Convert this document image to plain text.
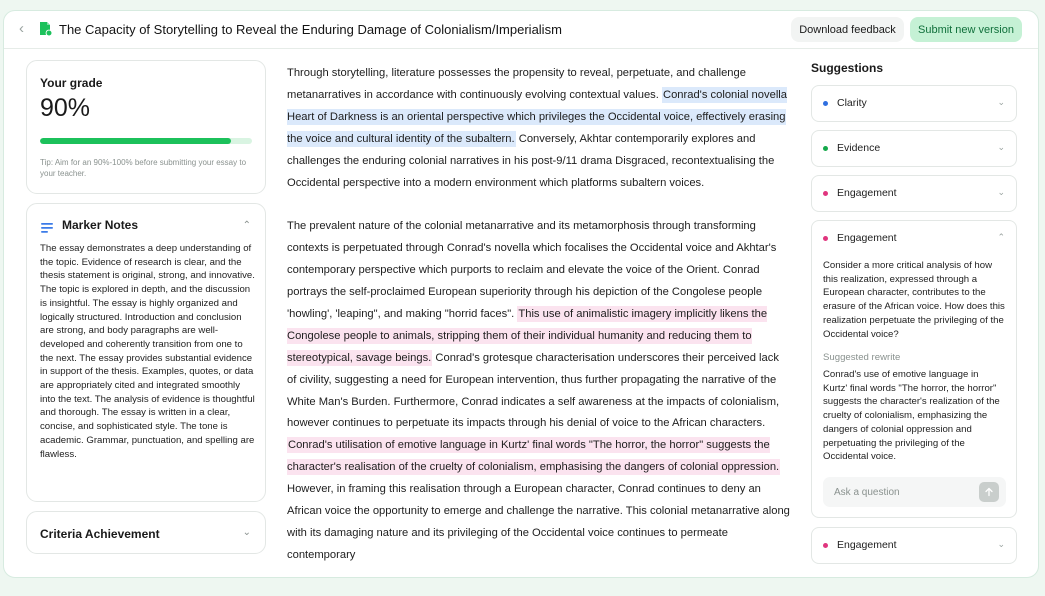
‹	The Capacity of Storytelling to Reveal the Enduring Damage of Colonialism/Imperialism	Download feedback	Submit new version
Your grade
90%
Tip: Aim for an 90%-100% before submitting your essay to your teacher.
Marker Notes	⌃
The essay demonstrates a deep understanding of the topic. Evidence of research is clear, and the thesis statement is original, strong, and innovative. The topic is explored in depth, and the discussion is insightful. The essay is highly organized and logically structured. Introduction and conclusion are strong, and body paragraphs are well-developed and coherently transition from one to the next. The essay provides substantial evidence in support of the thesis. Examples, quotes, or data are appropriately cited and integrated smoothly into the text. The analysis of evidence is thoughtful and thorough. The essay is written in a clear, concise, and sophisticated style. The tone is academic. Grammar, punctuation, and spelling are flawless.
Criteria Achievement	⌄

Through storytelling, literature possesses the propensity to reveal, perpetuate, and challenge metanarratives in accordance with continuously evolving contextual values. Conrad's colonial novella Heart of Darkness is an oriental perspective which privileges the Occidental voice, effectively erasing the voice and cultural identity of the subaltern. Conversely, Akhtar contemporarily explores and challenges the enduring colonial narratives in his post-9/11 drama Disgraced, recontextualising the Occidental perspective into a modern environment which platforms subaltern voices.

The prevalent nature of the colonial metanarrative and its metamorphosis through transforming contexts is perpetuated through Conrad's novella which focalises the Occidental voice and Akhtar's contemporary perspective which purports to reclaim and elevate the voice of the Orient. Conrad portrays the self-proclaimed European superiority through his depiction of the Congolese people 'howling', 'leaping", and making "horrid faces". This use of animalistic imagery implicitly likens the Congolese people to animals, stripping them of their individual humanity and reducing them to stereotypical, savage beings. Conrad's grotesque characterisation underscores their perceived lack of civility, suggesting a need for European intervention, thus further propagating the narrative of the White Man's Burden. Furthermore, Conrad indicates a self awareness at the impacts of colonialism, however continues to perpetuate its impacts through his denial of voice to the African characters. Conrad's utilisation of emotive language in Kurtz' final words "The horror, the horror" suggests the character's realisation of the cruelty of colonialism, emphasising the dangers of colonial oppression. However, in framing this realisation through a European character, Conrad continues to deny an African voice the opportunity to emerge and challenge the narrative. This colonial metanarrative along with its damaging nature and its privileging of the Occidental voice continues to permeate contemporary

Suggestions
Clarity	⌄
Evidence	⌄
Engagement	⌄
Engagement	⌃
Consider a more critical analysis of how this realization, expressed through a European character, contributes to the erasure of the African voice. How does this realization perpetuate the privileging of the Occidental voice?
Suggested rewrite
Conrad's use of emotive language in Kurtz' final words "The horror, the horror" suggests the character's realization of the cruelty of colonialism, emphasizing the dangers of colonial oppression and perpetuating the privileging of the Occidental voice.
Ask a question
Engagement	⌄
